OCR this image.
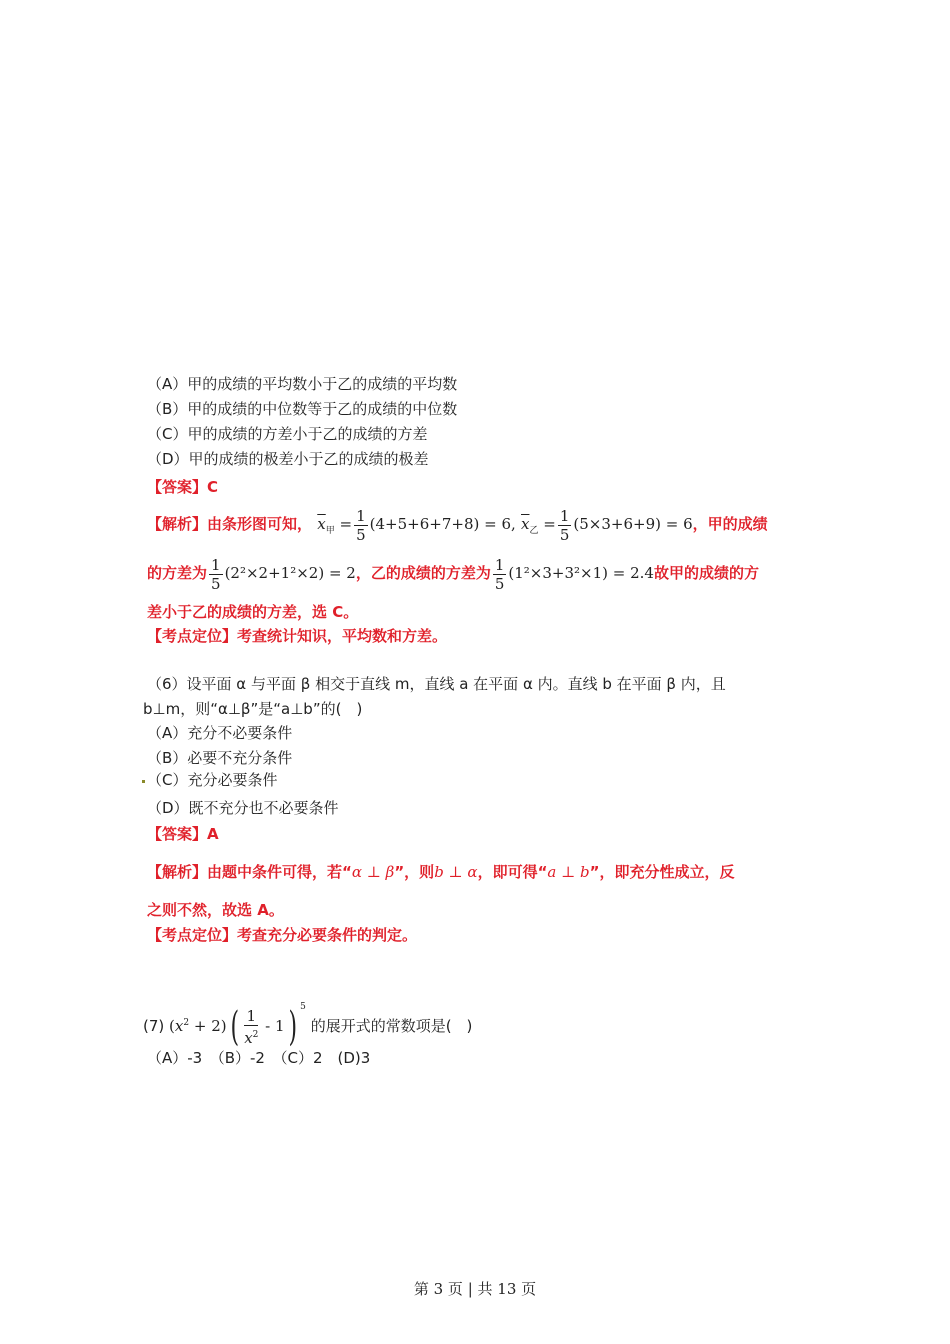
（A）甲的成绩的平均数小于乙的成绩的平均数
（B）甲的成绩的中位数等于乙的成绩的中位数
（C）甲的成绩的方差小于乙的成绩的方差
（D）甲的成绩的极差小于乙的成绩的极差
【答案】C
【解析】由条形图可知， $\overline{x}_甲 = \frac{1}{5} (4+5+6+7+8) = 6$, $\overline{x}_乙 = \frac{1}{5} (5\times 3+6+9) = 6$，甲的成绩
的方差为 $\frac{1}{5} (2^2\times 2+1^2\times 2) = 2$，乙的成绩的方差为 $\frac{1}{5} (1^2\times 3+3^2\times 1) = 2.4$故甲的成绩的方
差小于乙的成绩的方差，选 C。
【考点定位】考查统计知识，平均数和方差。
（6）设平面 α 与平面 β 相交于直线 m，直线 a 在平面 α 内。直线 b 在平面 β 内，且
b⊥m，则“α⊥β”是“a⊥b”的(　)
（A）充分不必要条件
（B）必要不充分条件
（C）充分必要条件
（D）既不充分也不必要条件
【答案】A
【解析】由题中条件可得，若“α ⊥ β”，则b ⊥ α，即可得“a ⊥ b”，即充分性成立，反
之则不然，故选 A。
【考点定位】考查充分必要条件的判定。
(7) $(x^2 + 2)( \frac{1}{x^2} - 1)$ $^5$ 的展开式的常数项是(　)
（A）-3　（B）-2　（C）2　(D)3
第 3 页 | 共 13 页
